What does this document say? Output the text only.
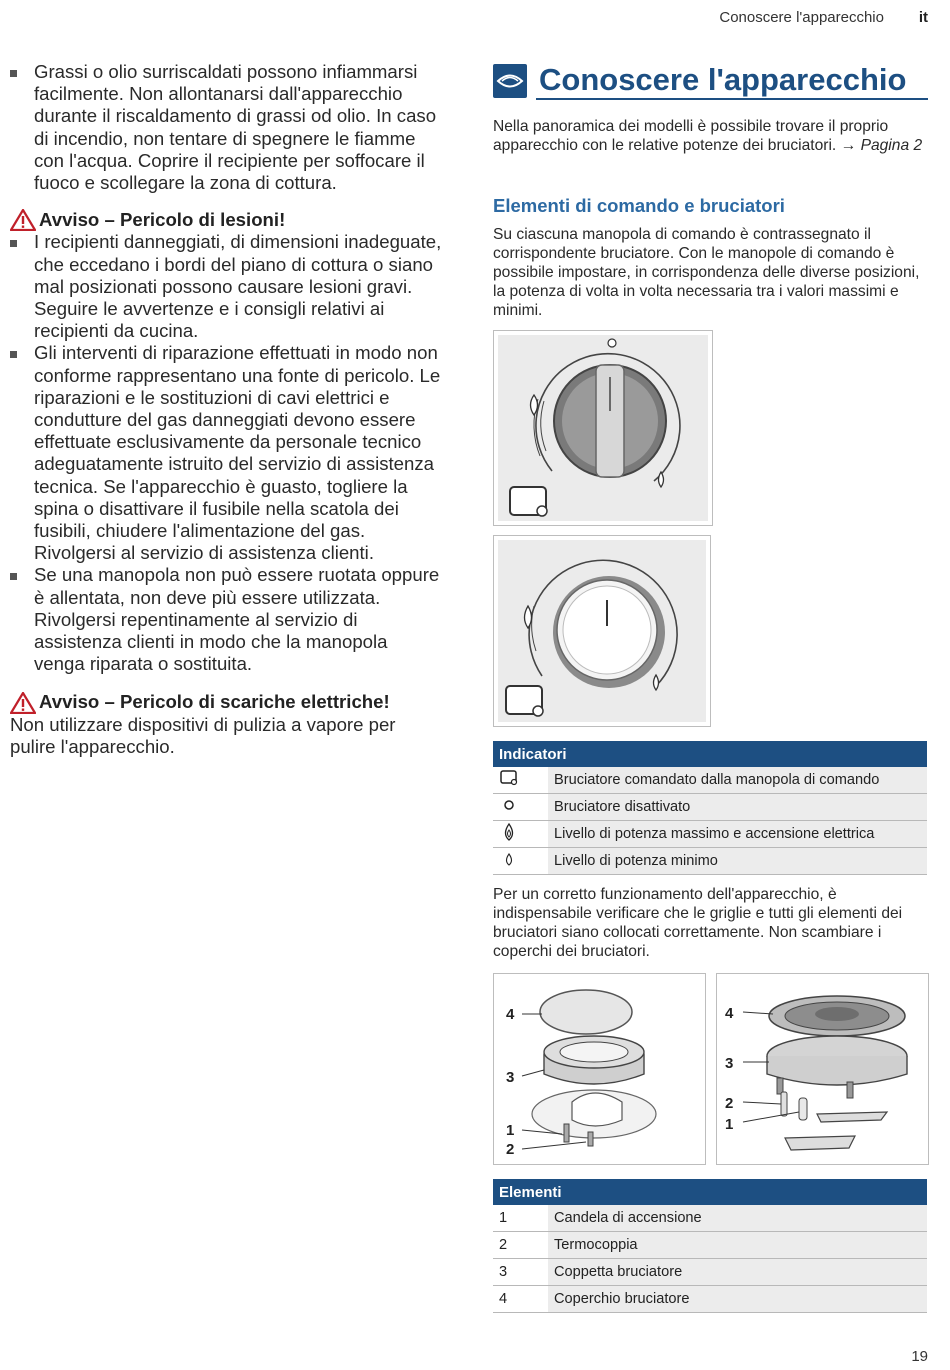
Conoscere l'apparecchio it
Grassi o olio surriscaldati possono infiammarsi facilmente. Non allontanarsi dall'apparecchio durante il riscaldamento di grassi od olio. In caso di incendio, non tentare di spegnere le fiamme con l'acqua. Coprire il recipiente per soffocare il fuoco e scollegare la zona di cottura.
Avviso – Pericolo di lesioni!
I recipienti danneggiati, di dimensioni inadeguate, che eccedano i bordi del piano di cottura o siano mal posizionati possono causare lesioni gravi. Seguire le avvertenze e i consigli relativi ai recipienti da cucina.
Gli interventi di riparazione effettuati in modo non conforme rappresentano una fonte di pericolo. Le riparazioni e le sostituzioni di cavi elettrici e condutture del gas danneggiati devono essere effettuate esclusivamente da personale tecnico adeguatamente istruito del servizio di assistenza tecnica. Se l'apparecchio è guasto, togliere la spina o disattivare il fusibile nella scatola dei fusibili, chiudere l'alimentazione del gas. Rivolgersi al servizio di assistenza clienti.
Se una manopola non può essere ruotata oppure è allentata, non deve più essere utilizzata. Rivolgersi repentinamente al servizio di assistenza clienti in modo che la manopola venga riparata o sostituita.
Avviso – Pericolo di scariche elettriche!
Non utilizzare dispositivi di pulizia a vapore per pulire l'apparecchio.
Conoscere l'apparecchio
Nella panoramica dei modelli è possibile trovare il proprio apparecchio con le relative potenze dei bruciatori. → Pagina 2
Elementi di comando e bruciatori
Su ciascuna manopola di comando è contrassegnato il corrispondente bruciatore. Con le manopole di comando è possibile impostare, in corrispondenza delle diverse posizioni, la potenza di volta in volta necessaria tra i valori massimi e minimi.
Indicatori	
	Bruciatore comandato dalla manopola di comando
	Bruciatore disattivato
	Livello di potenza massimo e accensione elettrica
	Livello di potenza minimo
Per un corretto funzionamento dell'apparecchio, è indispensabile verificare che le griglie e tutti gli elementi dei bruciatori siano collocati correttamente. Non scambiare i coperchi dei bruciatori.
4
3
1
2
4
3
2
1
Elementi	
1	Candela di accensione
2	Termocoppia
3	Coppetta bruciatore
4	Coperchio bruciatore
19
